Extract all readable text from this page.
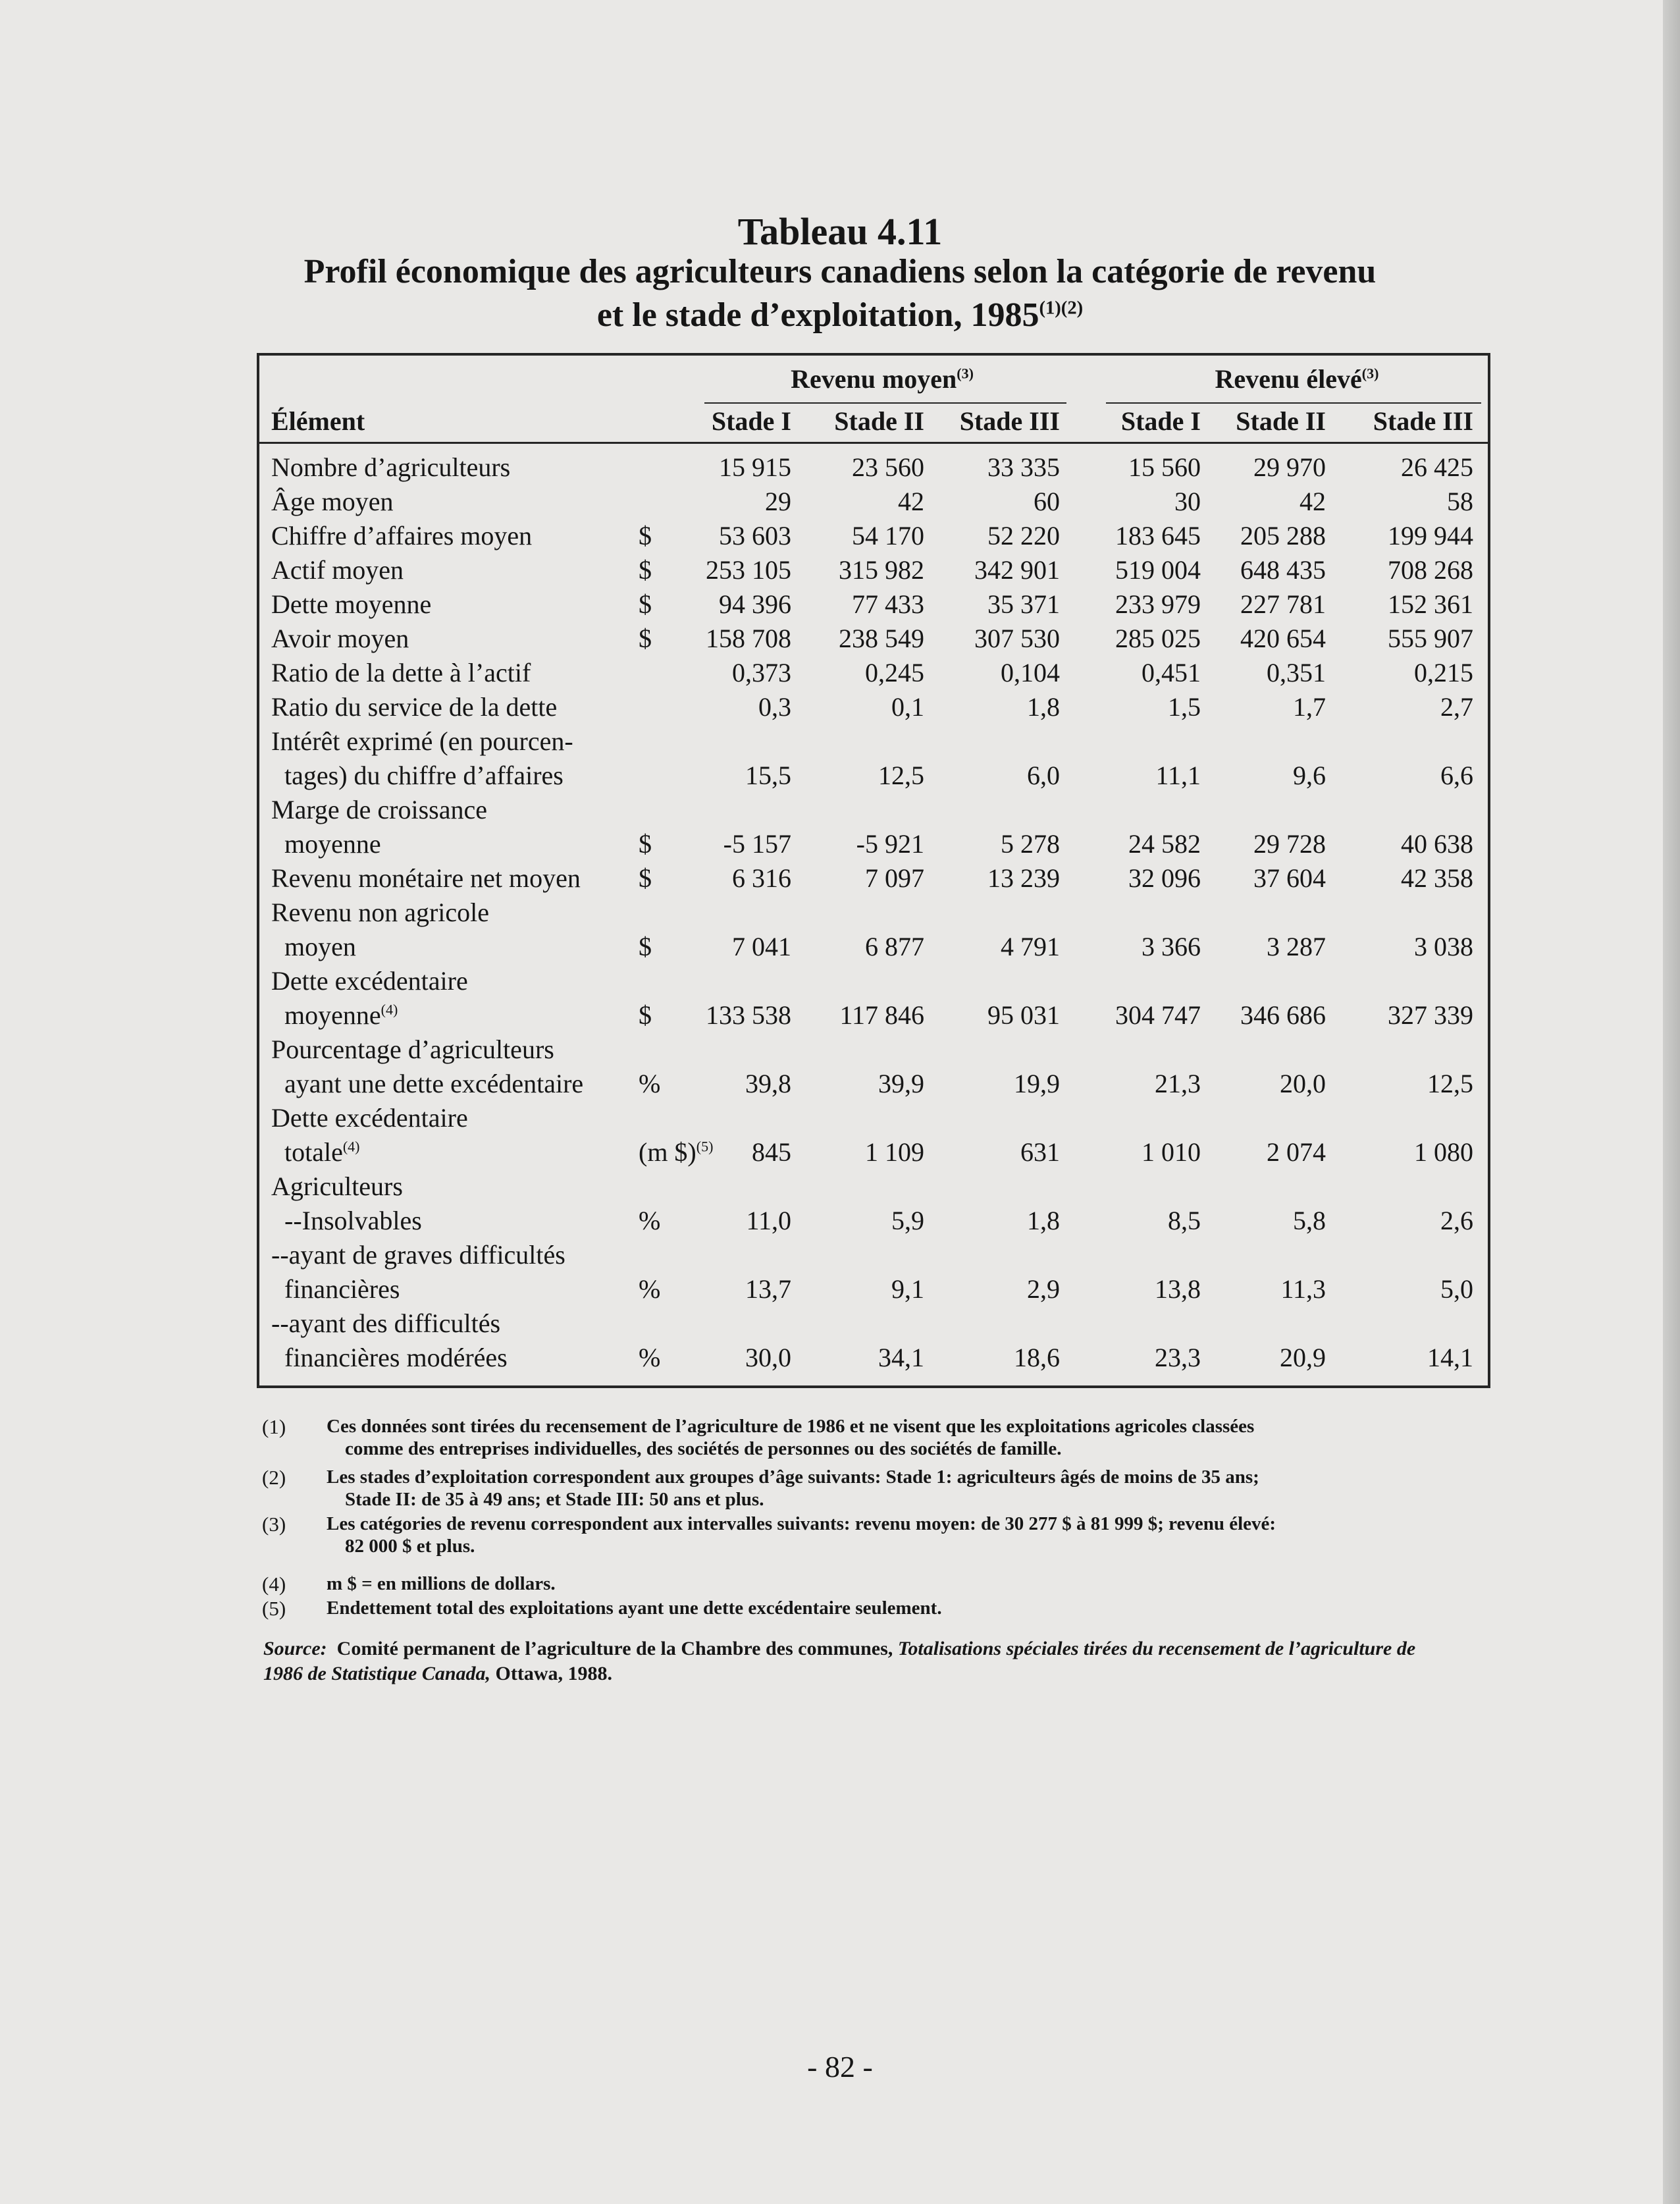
Tableau 4.11
Profil économique des agriculteurs canadiens selon la catégorie de revenu
et le stade d’exploitation, $1985^{(1)(2)}$
Revenu moyen$^{(3)}$	Revenu élevé$^{(3)}$
Élément	Stade I	Stade II	Stade III	Stade I	Stade II	Stade III
Nombre d’agriculteurs	15 915	23 560	33 335	15 560	29 970	26 425
Âge moyen	29	42	60	30	42	58
Chiffre d’affaires moyen	$	53 603	54 170	52 220	183 645	205 288	199 944
Actif moyen	$	253 105	315 982	342 901	519 004	648 435	708 268
Dette moyenne	$	94 396	77 433	35 371	233 979	227 781	152 361
Avoir moyen	$	158 708	238 549	307 530	285 025	420 654	555 907
Ratio de la dette à l’actif	0,373	0,245	0,104	0,451	0,351	0,215
Ratio du service de la dette	0,3	0,1	1,8	1,5	1,7	2,7
Intérêt exprimé (en pourcen-
tages) du chiffre d’affaires	15,5	12,5	6,0	11,1	9,6	6,6
Marge de croissance
moyenne	$	-5 157	-5 921	5 278	24 582	29 728	40 638
Revenu monétaire net moyen $	6 316	7 097	13 239	32 096	37 604	42 358
Revenu non agricole
moyen	$	7 041	6 877	4 791	3 366	3 287	3 038
Dette excédentaire
moyenne$^{(4)}$	$	133 538	117 846	95 031	304 747	346 686	327 339
Pourcentage d’agriculteurs
ayant une dette excédentaire %	39,8	39,9	19,9	21,3	20,0	12,5
Dette excédentaire
totale$^{(4)}$	(m $)$^{(5)}$	845	1 109	631	1 010	2 074	1 080
Agriculteurs
--Insolvables	%	11,0	5,9	1,8	8,5	5,8	2,6
--ayant de graves difficultés
financières	%	13,7	9,1	2,9	13,8	11,3	5,0
--ayant des difficultés
financières modérées	%	30,0	34,1	18,6	23,3	20,9	14,1
(1) Ces données sont tirées du recensement de l’agriculture de 1986 et ne visent que les exploitations agricoles classées
comme des entreprises individuelles, des sociétés de personnes ou des sociétés de famille.
(2) Les stades d’exploitation correspondent aux groupes d’âge suivants: Stade 1: agriculteurs âgés de moins de 35 ans;
Stade II: de 35 à 49 ans; et Stade III: 50 ans et plus.
(3) Les catégories de revenu correspondent aux intervalles suivants: revenu moyen: de 30 277 $ à 81 999 $; revenu élevé:
82 000 $ et plus.
(4) m $ = en millions de dollars.
(5) Endettement total des exploitations ayant une dette excédentaire seulement.
Source: Comité permanent de l’agriculture de la Chambre des communes, Totalisations spéciales tirées du recensement de l’agriculture de 1986 de Statistique Canada, Ottawa, 1988.
- 82 -
